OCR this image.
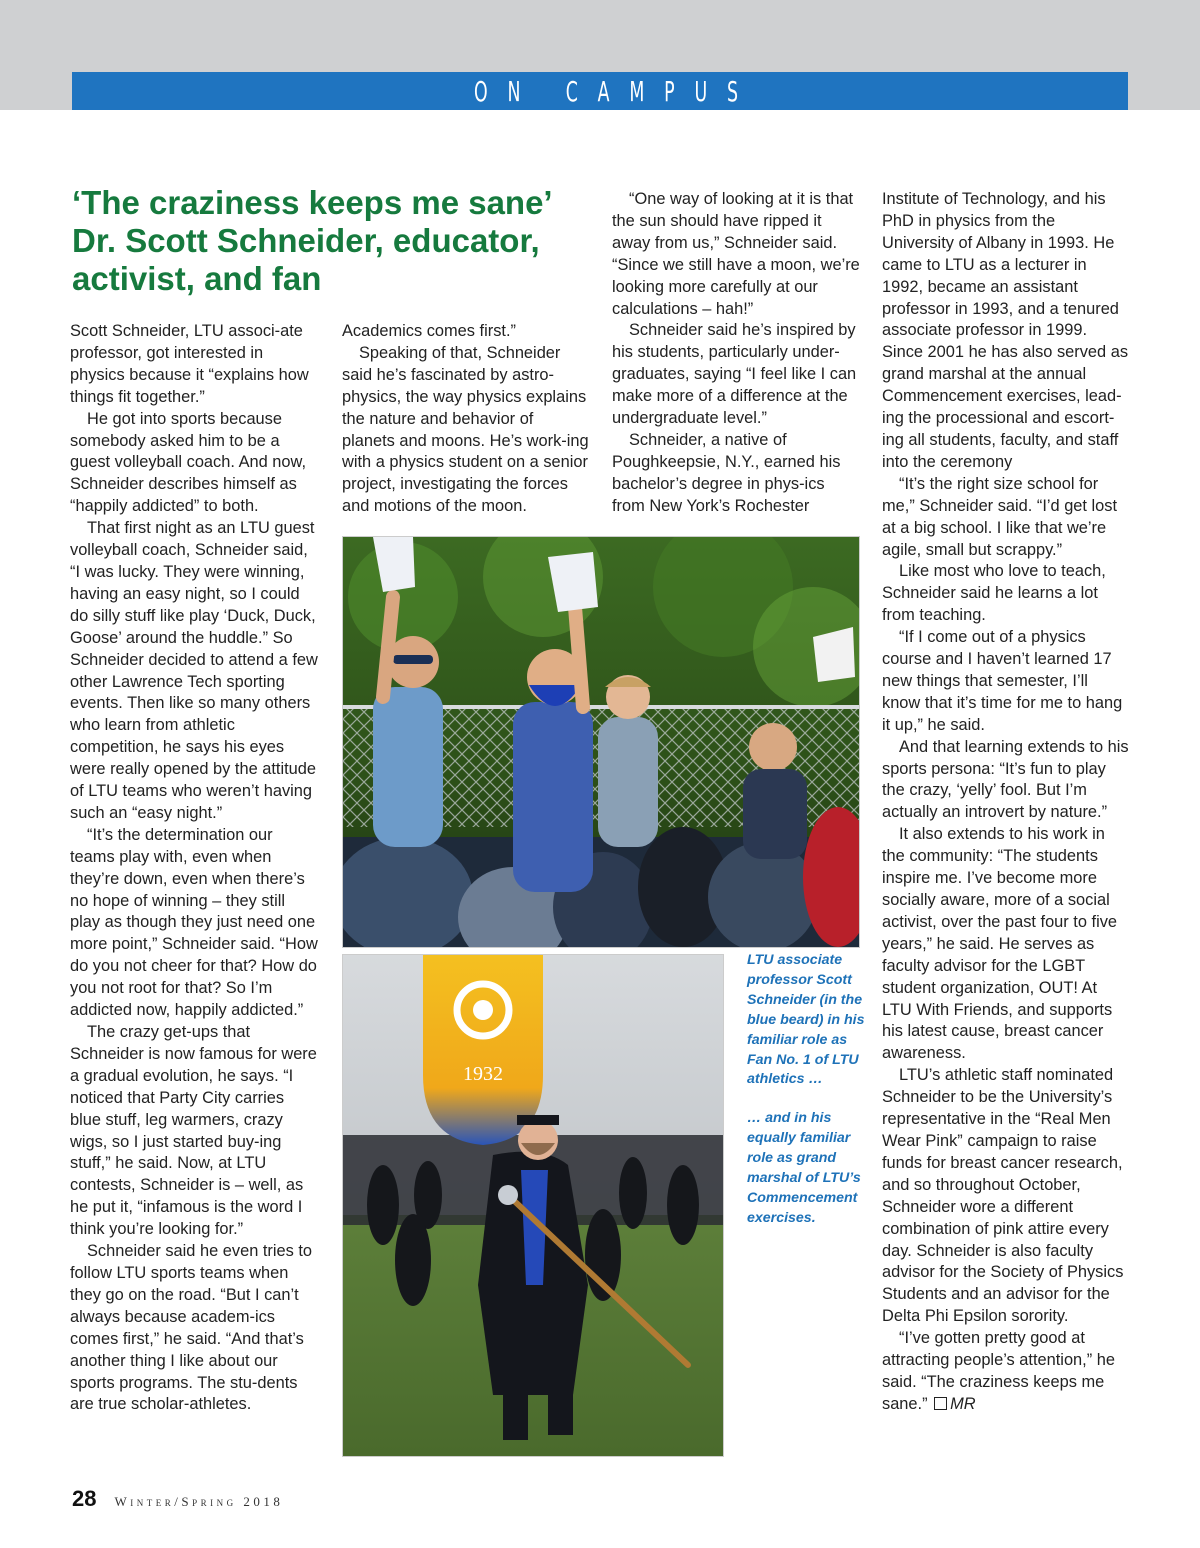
ON CAMPUS
‘The craziness keeps me sane’ Dr. Scott Schneider, educator, activist, and fan

Scott Schneider, LTU associ-ate professor, got interested in physics because it “explains how things fit together.”

He got into sports because somebody asked him to be a guest volleyball coach. And now, Schneider describes himself as “happily addicted” to both.

That first night as an LTU guest volleyball coach, Schneider said, “I was lucky. They were winning, having an easy night, so I could do silly stuff like play ‘Duck, Duck, Goose’ around the huddle.” So Schneider decided to attend a few other Lawrence Tech sporting events. Then like so many others who learn from athletic competition, he says his eyes were really opened by the attitude of LTU teams who weren’t having such an “easy night.”

“It’s the determination our teams play with, even when they’re down, even when there’s no hope of winning – they still play as though they just need one more point,” Schneider said. “How do you not cheer for that? How do you not root for that? So I’m addicted now, happily addicted.”

The crazy get-ups that Schneider is now famous for were a gradual evolution, he says. “I noticed that Party City carries blue stuff, leg warmers, crazy wigs, so I just started buy-ing stuff,” he said. Now, at LTU contests, Schneider is – well, as he put it, “infamous is the word I think you’re looking for.”

Schneider said he even tries to follow LTU sports teams when they go on the road. “But I can’t always because academ-ics comes first,” he said. “And that’s another thing I like about our sports programs. The stu-dents are true scholar-athletes.

Academics comes first.”

Speaking of that, Schneider said he’s fascinated by astro-physics, the way physics explains the nature and behavior of planets and moons. He’s work-ing with a physics student on a senior project, investigating the forces and motions of the moon.

“One way of looking at it is that the sun should have ripped it away from us,” Schneider said. “Since we still have a moon, we’re looking more carefully at our calculations – hah!”

Schneider said he’s inspired by his students, particularly under-graduates, saying “I feel like I can make more of a difference at the undergraduate level.”

Schneider, a native of Poughkeepsie, N.Y., earned his bachelor’s degree in phys-ics from New York’s Rochester

Institute of Technology, and his PhD in physics from the University of Albany in 1993. He came to LTU as a lecturer in 1992, became an assistant professor in 1993, and a tenured associate professor in 1999. Since 2001 he has also served as grand marshal at the annual Commencement exercises, lead-ing the processional and escort-ing all students, faculty, and staff into the ceremony

“It’s the right size school for me,” Schneider said. “I’d get lost at a big school. I like that we’re agile, small but scrappy.”

Like most who love to teach, Schneider said he learns a lot from teaching.

“If I come out of a physics course and I haven’t learned 17 new things that semester, I’ll know that it’s time for me to hang it up,” he said.

And that learning extends to his sports persona: “It’s fun to play the crazy, ‘yelly’ fool. But I’m actually an introvert by nature.”

It also extends to his work in the community: “The students inspire me. I’ve become more socially aware, more of a social activist, over the past four to five years,” he said. He serves as faculty advisor for the LGBT student organization, OUT! At LTU With Friends, and supports his latest cause, breast cancer awareness.

LTU’s athletic staff nominated Schneider to be the University’s representative in the “Real Men Wear Pink” campaign to raise funds for breast cancer research, and so throughout October, Schneider wore a different combination of pink attire every day. Schneider is also faculty advisor for the Society of Physics Students and an advisor for the Delta Phi Epsilon sorority.

“I’ve gotten pretty good at attracting people’s attention,” he said. “The craziness keeps me sane.” MR

1932

LTU associate professor Scott Schneider (in the blue beard) in his familiar role as Fan No. 1 of LTU athletics …

… and in his equally familiar role as grand marshal of LTU’s Commencement exercises.

28 Winter/Spring 2018
